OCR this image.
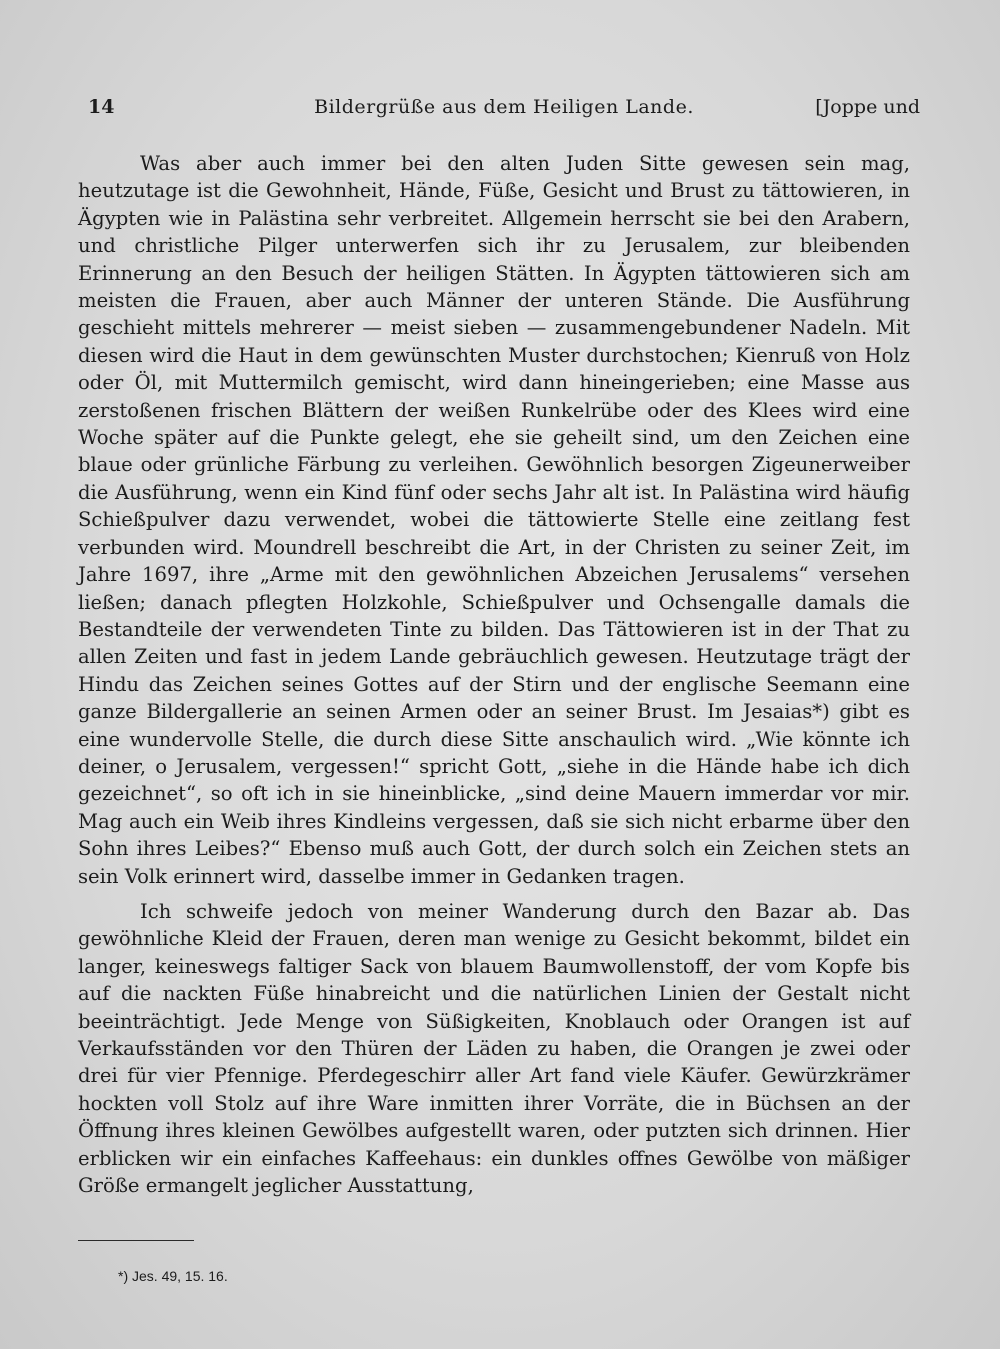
14	Bildergrüße aus dem Heiligen Lande.	[Joppe und

Was aber auch immer bei den alten Juden Sitte gewesen sein mag, heutzutage ist die Gewohnheit, Hände, Füße, Gesicht und Brust zu tättowieren, in Ägypten wie in Palästina sehr verbreitet. Allgemein herrscht sie bei den Arabern, und christliche Pilger unterwerfen sich ihr zu Jerusalem, zur bleibenden Erinnerung an den Besuch der heiligen Stätten. In Ägypten tättowieren sich am meisten die Frauen, aber auch Männer der unteren Stände. Die Ausführung geschieht mittels mehrerer — meist sieben — zusammengebundener Nadeln. Mit diesen wird die Haut in dem gewünschten Muster durchstochen; Kienruß von Holz oder Öl, mit Muttermilch gemischt, wird dann hineingerieben; eine Masse aus zerstoßenen frischen Blättern der weißen Runkelrübe oder des Klees wird eine Woche später auf die Punkte gelegt, ehe sie geheilt sind, um den Zeichen eine blaue oder grünliche Färbung zu verleihen. Gewöhnlich besorgen Zigeunerweiber die Ausführung, wenn ein Kind fünf oder sechs Jahr alt ist. In Palästina wird häufig Schießpulver dazu verwendet, wobei die tättowierte Stelle eine zeitlang fest verbunden wird. Moundrell beschreibt die Art, in der Christen zu seiner Zeit, im Jahre 1697, ihre „Arme mit den gewöhnlichen Abzeichen Jerusalems“ versehen ließen; danach pflegten Holzkohle, Schießpulver und Ochsengalle damals die Bestandteile der verwendeten Tinte zu bilden. Das Tättowieren ist in der That zu allen Zeiten und fast in jedem Lande gebräuchlich gewesen. Heutzutage trägt der Hindu das Zeichen seines Gottes auf der Stirn und der englische Seemann eine ganze Bildergallerie an seinen Armen oder an seiner Brust. Im Jesaias*) gibt es eine wundervolle Stelle, die durch diese Sitte anschaulich wird. „Wie könnte ich deiner, o Jerusalem, vergessen!“ spricht Gott, „siehe in die Hände habe ich dich gezeichnet“, so oft ich in sie hineinblicke, „sind deine Mauern immerdar vor mir. Mag auch ein Weib ihres Kindleins vergessen, daß sie sich nicht erbarme über den Sohn ihres Leibes?“ Ebenso muß auch Gott, der durch solch ein Zeichen stets an sein Volk erinnert wird, dasselbe immer in Gedanken tragen.

Ich schweife jedoch von meiner Wanderung durch den Bazar ab. Das gewöhnliche Kleid der Frauen, deren man wenige zu Gesicht bekommt, bildet ein langer, keineswegs faltiger Sack von blauem Baumwollenstoff, der vom Kopfe bis auf die nackten Füße hinabreicht und die natürlichen Linien der Gestalt nicht beeinträchtigt. Jede Menge von Süßigkeiten, Knoblauch oder Orangen ist auf Verkaufsständen vor den Thüren der Läden zu haben, die Orangen je zwei oder drei für vier Pfennige. Pferdegeschirr aller Art fand viele Käufer. Gewürzkrämer hockten voll Stolz auf ihre Ware inmitten ihrer Vorräte, die in Büchsen an der Öffnung ihres kleinen Gewölbes aufgestellt waren, oder putzten sich drinnen. Hier erblicken wir ein einfaches Kaffeehaus: ein dunkles offnes Gewölbe von mäßiger Größe ermangelt jeglicher Ausstattung,

*) Jes. 49, 15. 16.
